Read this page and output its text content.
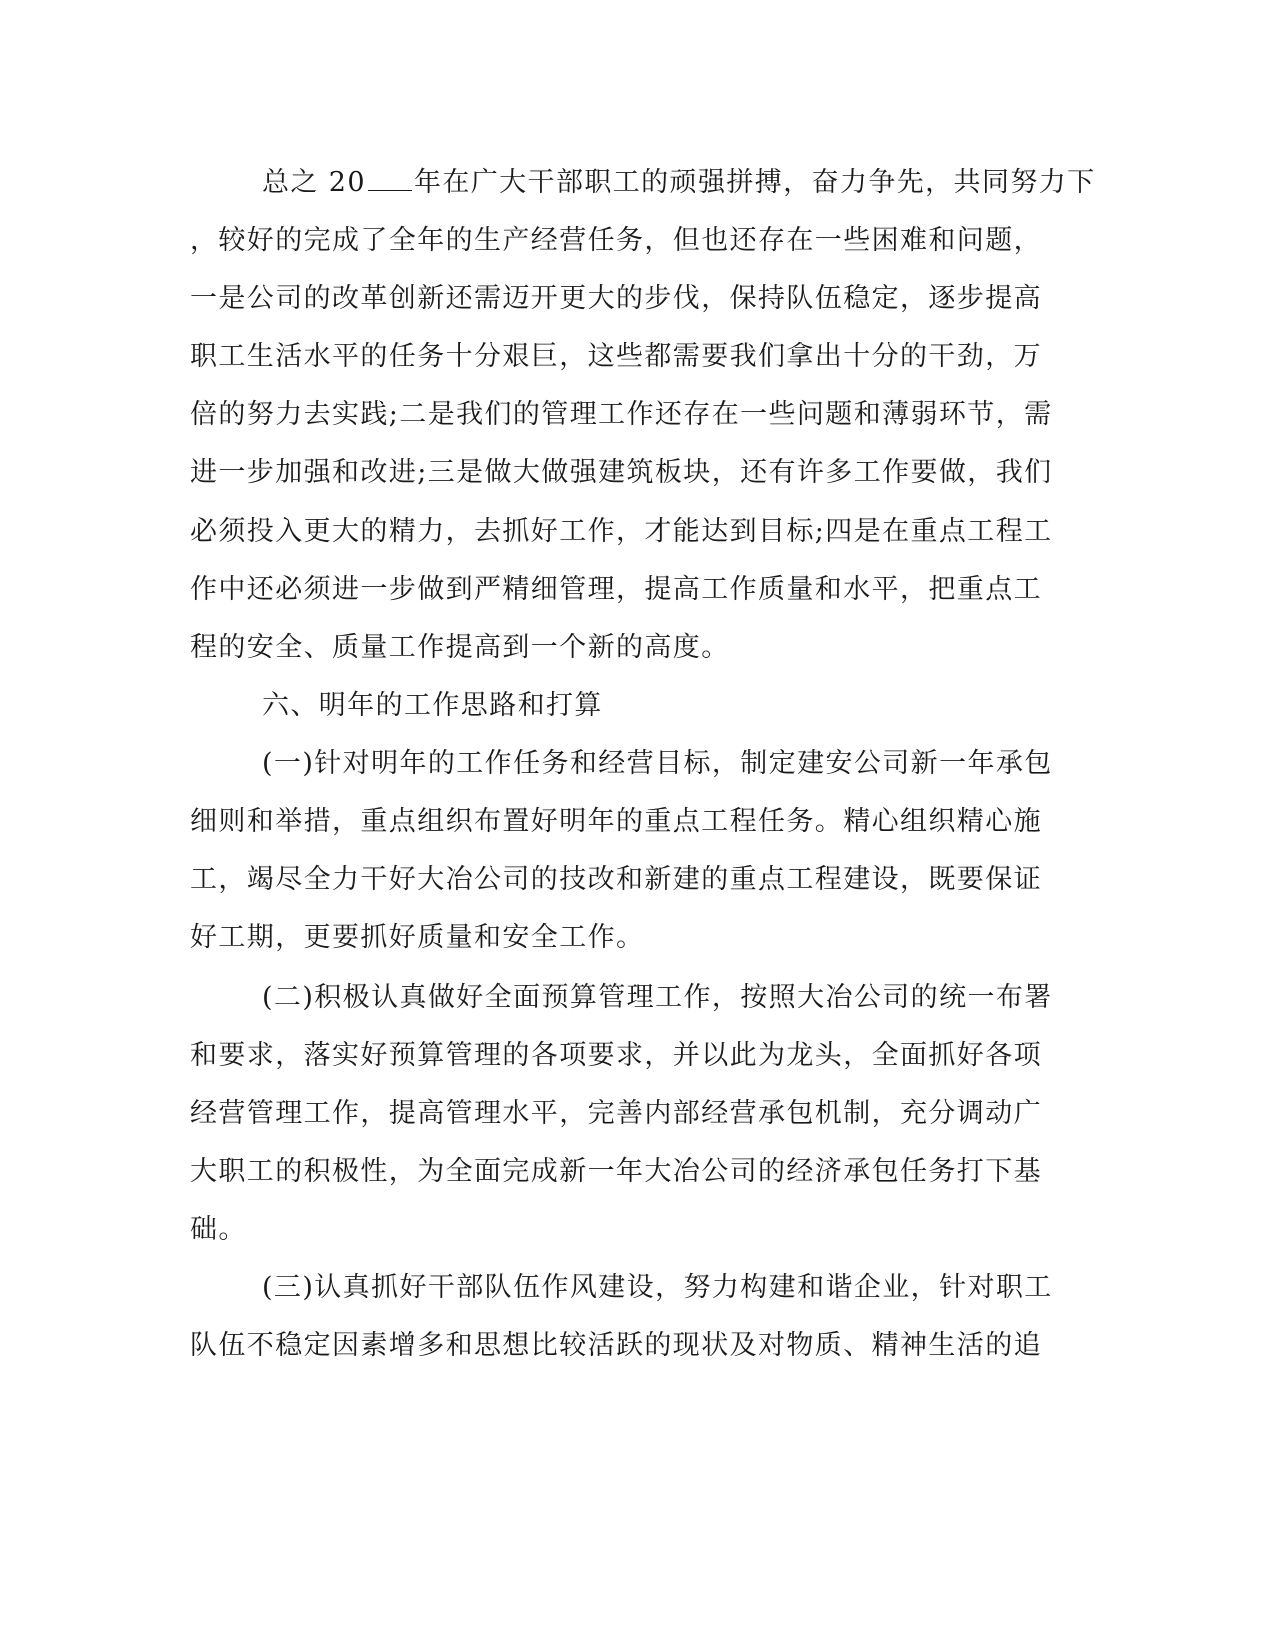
总之 20 年在广大干部职工的顽强拼搏，奋力争先，共同努力下
，较好的完成了全年的生产经营任务，但也还存在一些困难和问题，
一是公司的改革创新还需迈开更大的步伐，保持队伍稳定，逐步提高
职工生活水平的任务十分艰巨，这些都需要我们拿出十分的干劲，万
倍的努力去实践;二是我们的管理工作还存在一些问题和薄弱环节，需
进一步加强和改进;三是做大做强建筑板块，还有许多工作要做，我们
必须投入更大的精力，去抓好工作，才能达到目标;四是在重点工程工
作中还必须进一步做到严精细管理，提高工作质量和水平，把重点工
程的安全、质量工作提高到一个新的高度。
六、明年的工作思路和打算
(一)针对明年的工作任务和经营目标，制定建安公司新一年承包
细则和举措，重点组织布置好明年的重点工程任务。精心组织精心施
工，竭尽全力干好大冶公司的技改和新建的重点工程建设，既要保证
好工期，更要抓好质量和安全工作。
(二)积极认真做好全面预算管理工作，按照大冶公司的统一布署
和要求，落实好预算管理的各项要求，并以此为龙头，全面抓好各项
经营管理工作，提高管理水平，完善内部经营承包机制，充分调动广
大职工的积极性，为全面完成新一年大冶公司的经济承包任务打下基
础。
(三)认真抓好干部队伍作风建设，努力构建和谐企业，针对职工
队伍不稳定因素增多和思想比较活跃的现状及对物质、精神生活的追
